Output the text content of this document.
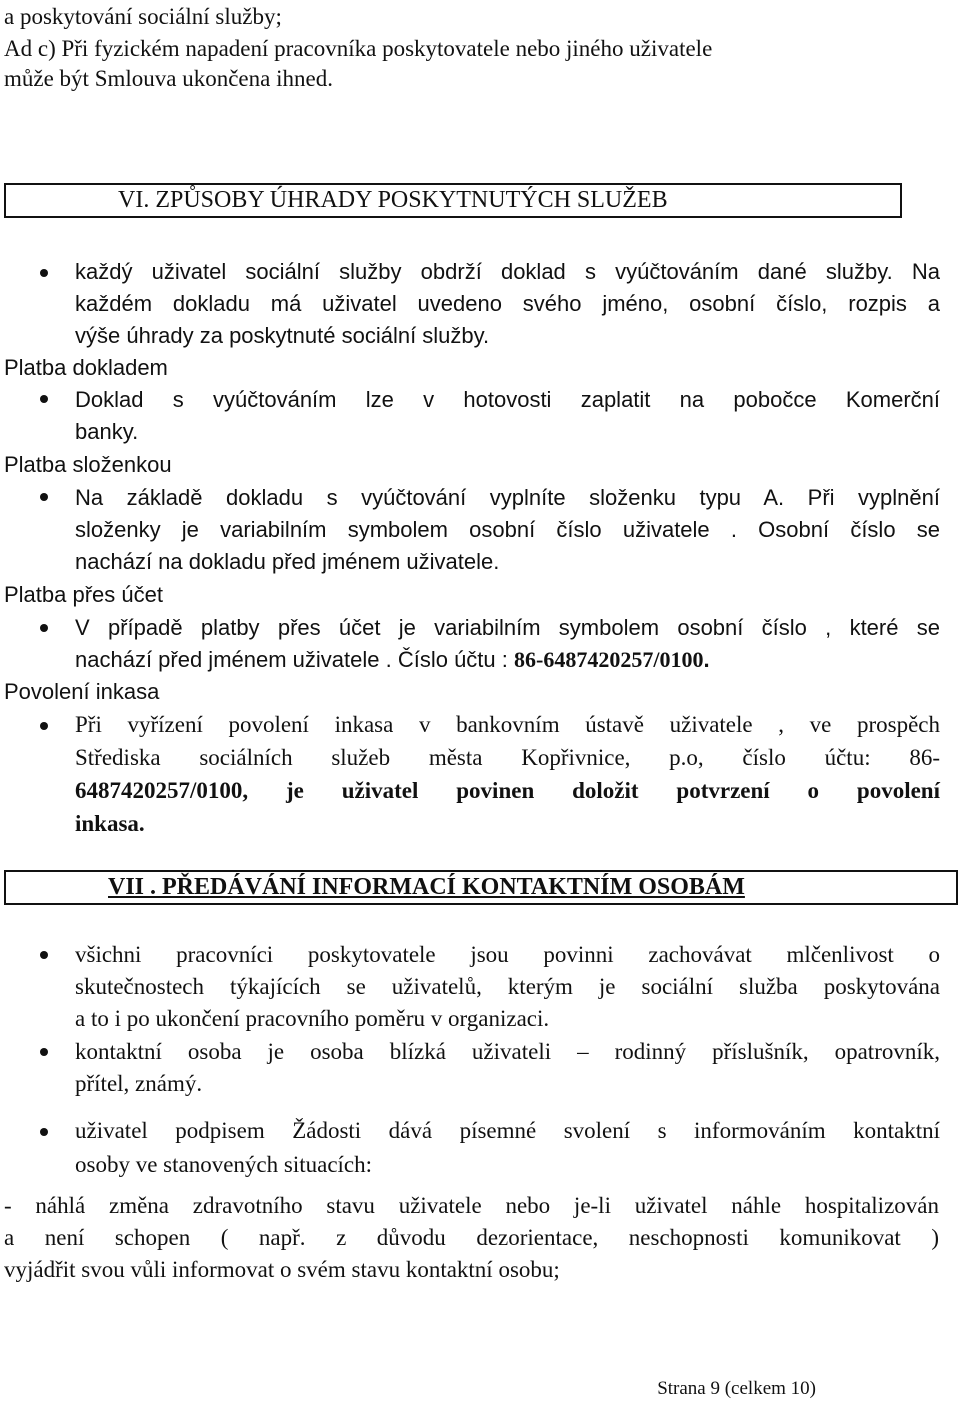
a poskytování sociální služby;
Ad c) Při fyzickém napadení pracovníka poskytovatele nebo jiného uživatele
může být Smlouva ukončena ihned.
VI. ZPŮSOBY ÚHRADY POSKYTNUTÝCH SLUŽEB
každý uživatel sociální služby obdrží doklad s vyúčtováním dané služby. Na
každém dokladu má uživatel uvedeno svého jméno, osobní číslo, rozpis a
výše úhrady za poskytnuté sociální služby.
Platba dokladem
Doklad s vyúčtováním lze v hotovosti zaplatit na pobočce Komerční
banky.
Platba složenkou
Na základě dokladu s vyúčtování vyplníte složenku typu A. Při vyplnění
složenky je variabilním symbolem osobní číslo uživatele . Osobní číslo se
nachází na dokladu před jménem uživatele.
Platba přes účet
V případě platby přes účet je variabilním symbolem osobní číslo , které se
nachází před jménem uživatele . Číslo účtu : 86-6487420257/0100.
Povolení inkasa
Při vyřízení povolení inkasa v bankovním ústavě uživatele , ve prospěch
Střediska sociálních služeb města Kopřivnice, p.o, číslo účtu: 86-
6487420257/0100, je uživatel povinen doložit potvrzení o povolení
inkasa.
VII . PŘEDÁVÁNÍ INFORMACÍ KONTAKTNÍM OSOBÁM
všichni pracovníci poskytovatele jsou povinni zachovávat mlčenlivost o
skutečnostech týkajících se uživatelů, kterým je sociální služba poskytována
a to i po ukončení pracovního poměru v organizaci.
kontaktní osoba je osoba blízká uživateli – rodinný příslušník, opatrovník,
přítel, známý.
uživatel podpisem Žádosti dává písemné svolení s informováním kontaktní
osoby ve stanovených situacích:
- náhlá změna zdravotního stavu uživatele nebo je-li uživatel náhle hospitalizován
a není schopen ( např. z důvodu dezorientace, neschopnosti komunikovat )
vyjádřit svou vůli informovat o svém stavu kontaktní osobu;
Strana 9 (celkem 10)
